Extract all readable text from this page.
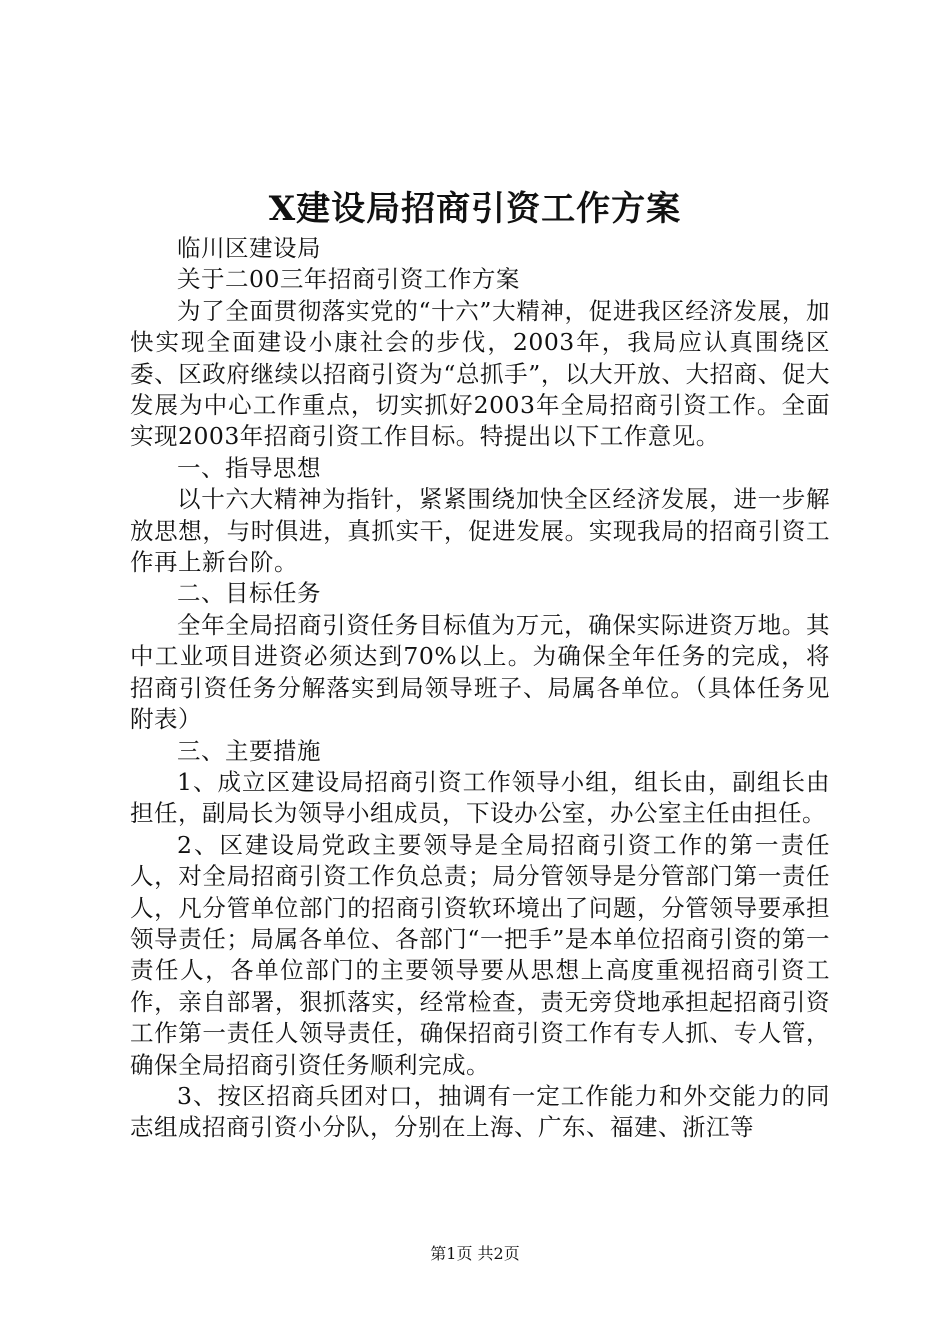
X建设局招商引资工作方案

临川区建设局

关于二00三年招商引资工作方案

为了全面贯彻落实党的“十六”大精神，促进我区经济发展，加快实现全面建设小康社会的步伐，2003年，我局应认真围绕区委、区政府继续以招商引资为“总抓手”，以大开放、大招商、促大发展为中心工作重点，切实抓好2003年全局招商引资工作。全面实现2003年招商引资工作目标。特提出以下工作意见。

一、指导思想

以十六大精神为指针，紧紧围绕加快全区经济发展，进一步解放思想，与时俱进，真抓实干，促进发展。实现我局的招商引资工作再上新台阶。

二、目标任务

全年全局招商引资任务目标值为万元，确保实际进资万地。其中工业项目进资必须达到70%以上。为确保全年任务的完成，将招商引资任务分解落实到局领导班子、局属各单位。（具体任务见附表）

三、主要措施

1、成立区建设局招商引资工作领导小组，组长由，副组长由担任，副局长为领导小组成员，下设办公室，办公室主任由担任。

2、区建设局党政主要领导是全局招商引资工作的第一责任人，对全局招商引资工作负总责；局分管领导是分管部门第一责任人，凡分管单位部门的招商引资软环境出了问题，分管领导要承担领导责任；局属各单位、各部门“一把手”是本单位招商引资的第一责任人，各单位部门的主要领导要从思想上高度重视招商引资工作，亲自部署，狠抓落实，经常检查，责无旁贷地承担起招商引资工作第一责任人领导责任，确保招商引资工作有专人抓、专人管，确保全局招商引资任务顺利完成。

3、按区招商兵团对口，抽调有一定工作能力和外交能力的同志组成招商引资小分队，分别在上海、广东、福建、浙江等

第1页 共2页
